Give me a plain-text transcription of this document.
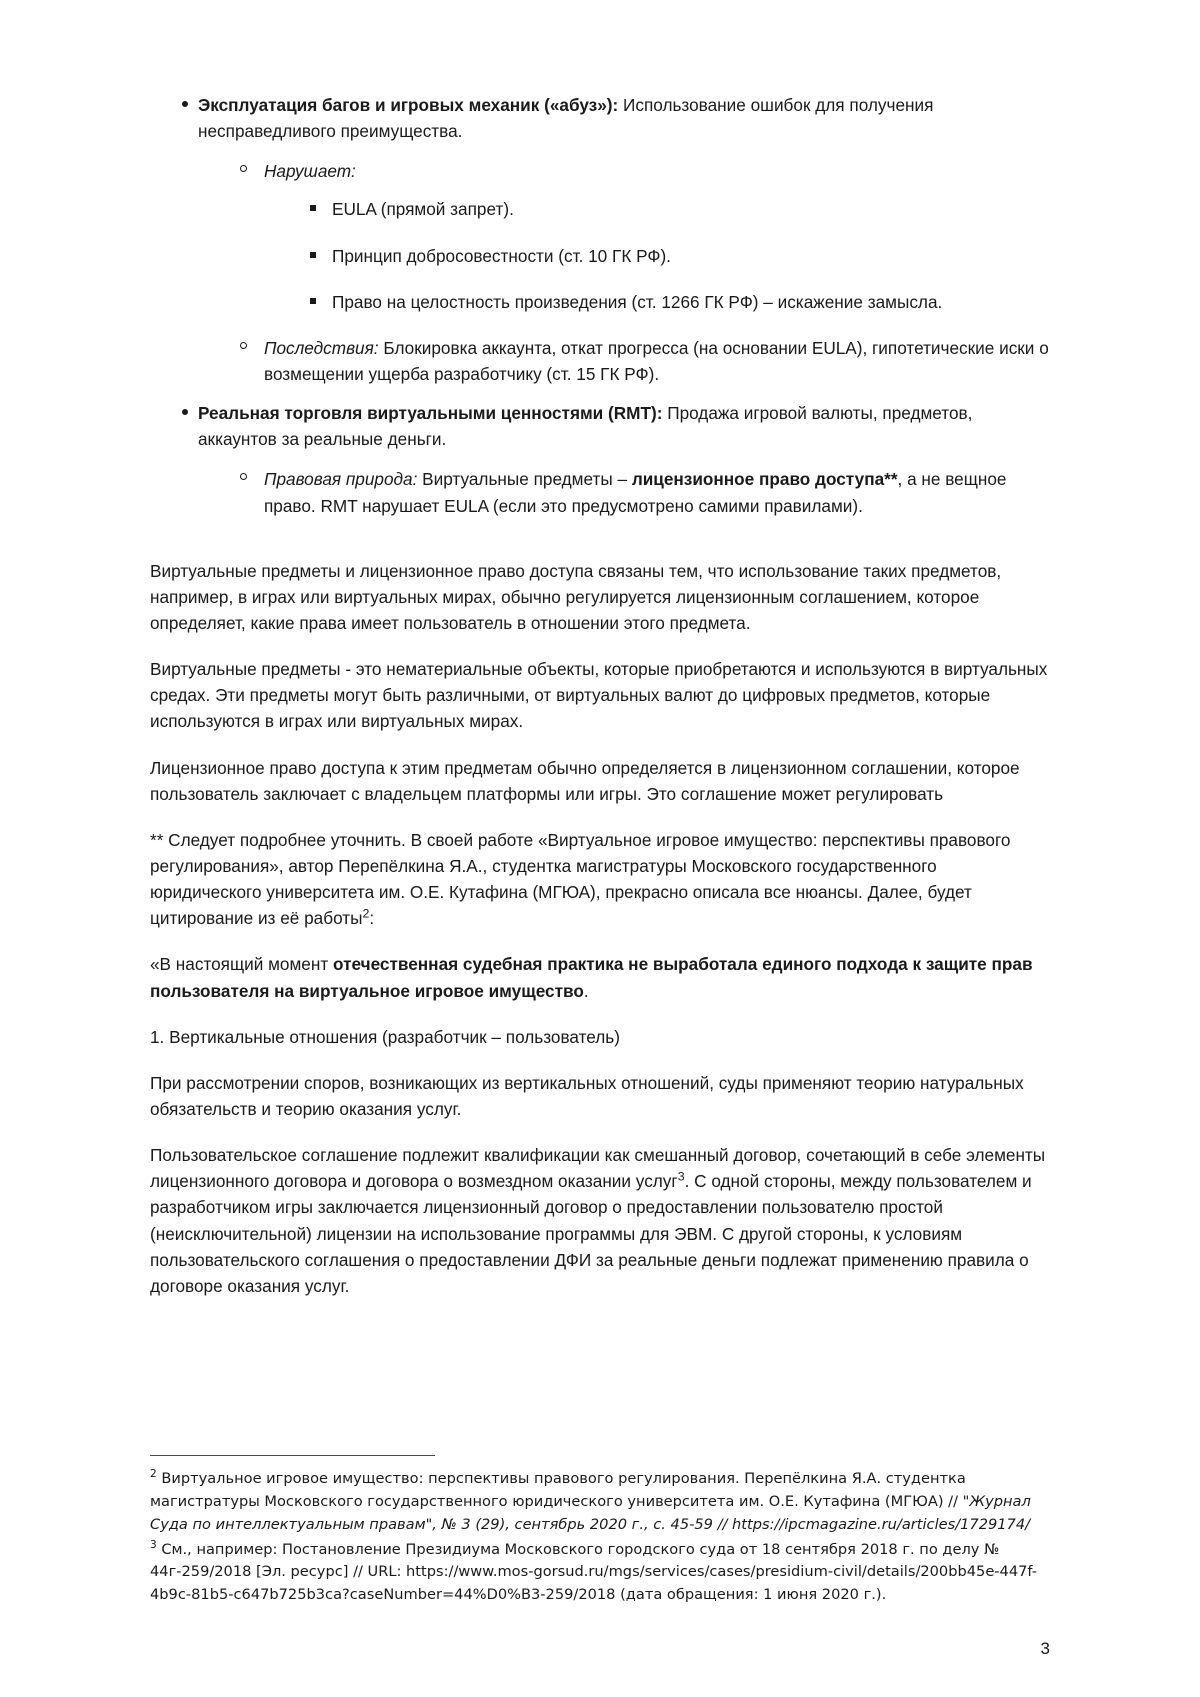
Эксплуатация багов и игровых механик («абуз»): Использование ошибок для получения несправедливого преимущества.
Нарушает:
EULA (прямой запрет).
Принцип добросовестности (ст. 10 ГК РФ).
Право на целостность произведения (ст. 1266 ГК РФ) – искажение замысла.
Последствия: Блокировка аккаунта, откат прогресса (на основании EULA), гипотетические иски о возмещении ущерба разработчику (ст. 15 ГК РФ).
Реальная торговля виртуальными ценностями (RMT): Продажа игровой валюты, предметов, аккаунтов за реальные деньги.
Правовая природа: Виртуальные предметы – лицензионное право доступа**, а не вещное право. RMT нарушает EULA (если это предусмотрено самими правилами).

Виртуальные предметы и лицензионное право доступа связаны тем, что использование таких предметов, например, в играх или виртуальных мирах, обычно регулируется лицензионным соглашением, которое определяет, какие права имеет пользователь в отношении этого предмета.

Виртуальные предметы - это нематериальные объекты, которые приобретаются и используются в виртуальных средах. Эти предметы могут быть различными, от виртуальных валют до цифровых предметов, которые используются в играх или виртуальных мирах.

Лицензионное право доступа к этим предметам обычно определяется в лицензионном соглашении, которое пользователь заключает с владельцем платформы или игры. Это соглашение может регулировать

** Следует подробнее уточнить. В своей работе «Виртуальное игровое имущество: перспективы правового регулирования», автор Перепёлкина Я.А., студентка магистратуры Московского государственного юридического университета им. О.Е. Кутафина (МГЮА), прекрасно описала все нюансы. Далее, будет цитирование из её работы$^2$:

«В настоящий момент отечественная судебная практика не выработала единого подхода к защите прав пользователя на виртуальное игровое имущество.

1. Вертикальные отношения (разработчик – пользователь)

При рассмотрении споров, возникающих из вертикальных отношений, суды применяют теорию натуральных обязательств и теорию оказания услуг.

Пользовательское соглашение подлежит квалификации как смешанный договор, сочетающий в себе элементы лицензионного договора и договора о возмездном оказании услуг$^3$. С одной стороны, между пользователем и разработчиком игры заключается лицензионный договор о предоставлении пользователю простой (неисключительной) лицензии на использование программы для ЭВМ. С другой стороны, к условиям пользовательского соглашения о предоставлении ДФИ за реальные деньги подлежат применению правила о договоре оказания услуг.

$^2$ Виртуальное игровое имущество: перспективы правового регулирования. Перепёлкина Я.А. студентка магистратуры Московского государственного юридического университета им. О.Е. Кутафина (МГЮА) // "Журнал Суда по интеллектуальным правам", № 3 (29), сентябрь 2020 г., с. 45-59 // https://ipcmagazine.ru/articles/1729174/
$^3$ См., например: Постановление Президиума Московского городского суда от 18 сентября 2018 г. по делу № 44г-259/2018 [Эл. ресурс] // URL: https://www.mos-gorsud.ru/mgs/services/cases/presidium-civil/details/200bb45e-447f-4b9c-81b5-c647b725b3ca?caseNumber=44%D0%B3-259/2018 (дата обращения: 1 июня 2020 г.).
3
